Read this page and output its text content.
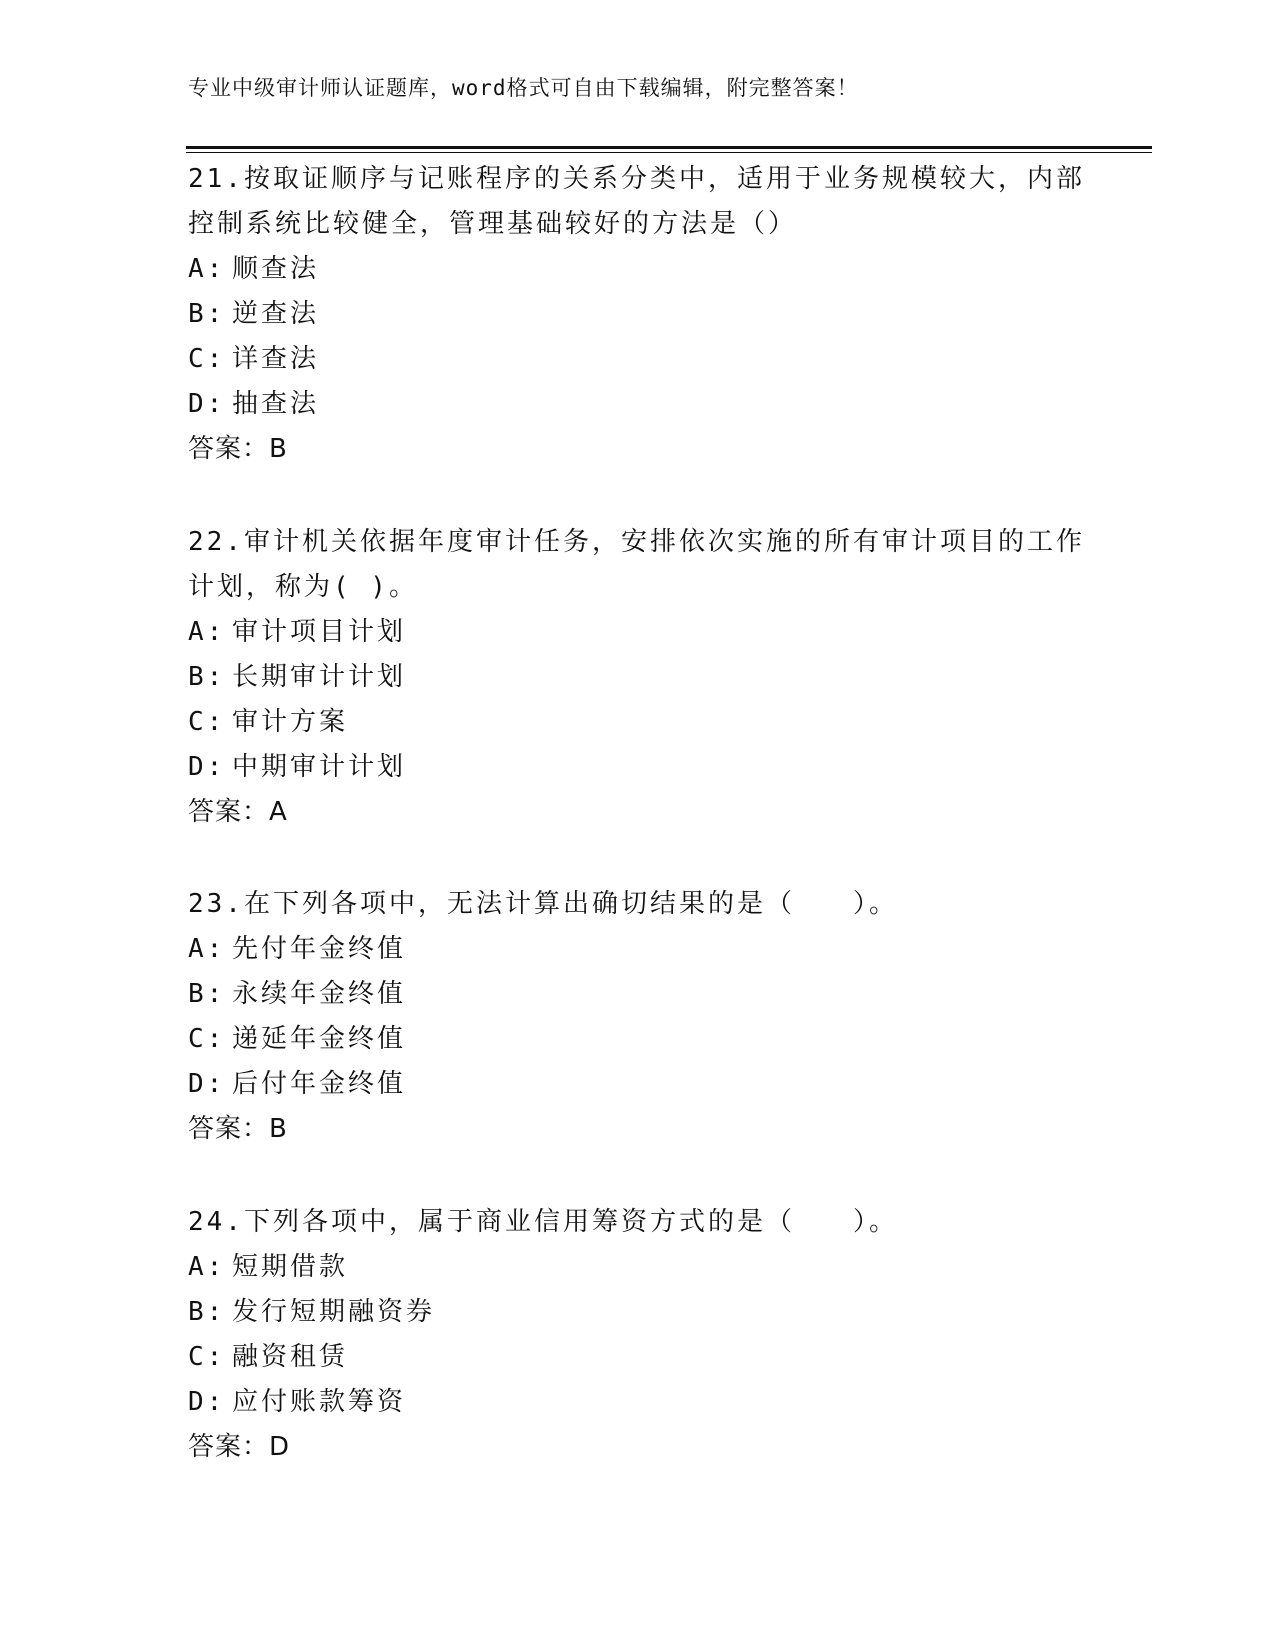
专业中级审计师认证题库，word格式可自由下载编辑，附完整答案！

21.按取证顺序与记账程序的关系分类中，适用于业务规模较大，内部控制系统比较健全，管理基础较好的方法是（）

A: 顺查法
B: 逆查法
C: 详查法
D: 抽查法
答案：B

22.审计机关依据年度审计任务，安排依次实施的所有审计项目的工作计划，称为( )。

A: 审计项目计划
B: 长期审计计划
C: 审计方案
D: 中期审计计划
答案：A

23.在下列各项中，无法计算出确切结果的是（　　）。

A: 先付年金终值
B: 永续年金终值
C: 递延年金终值
D: 后付年金终值
答案：B

24.下列各项中，属于商业信用筹资方式的是（　　）。

A: 短期借款
B: 发行短期融资券
C: 融资租赁
D: 应付账款筹资
答案：D
